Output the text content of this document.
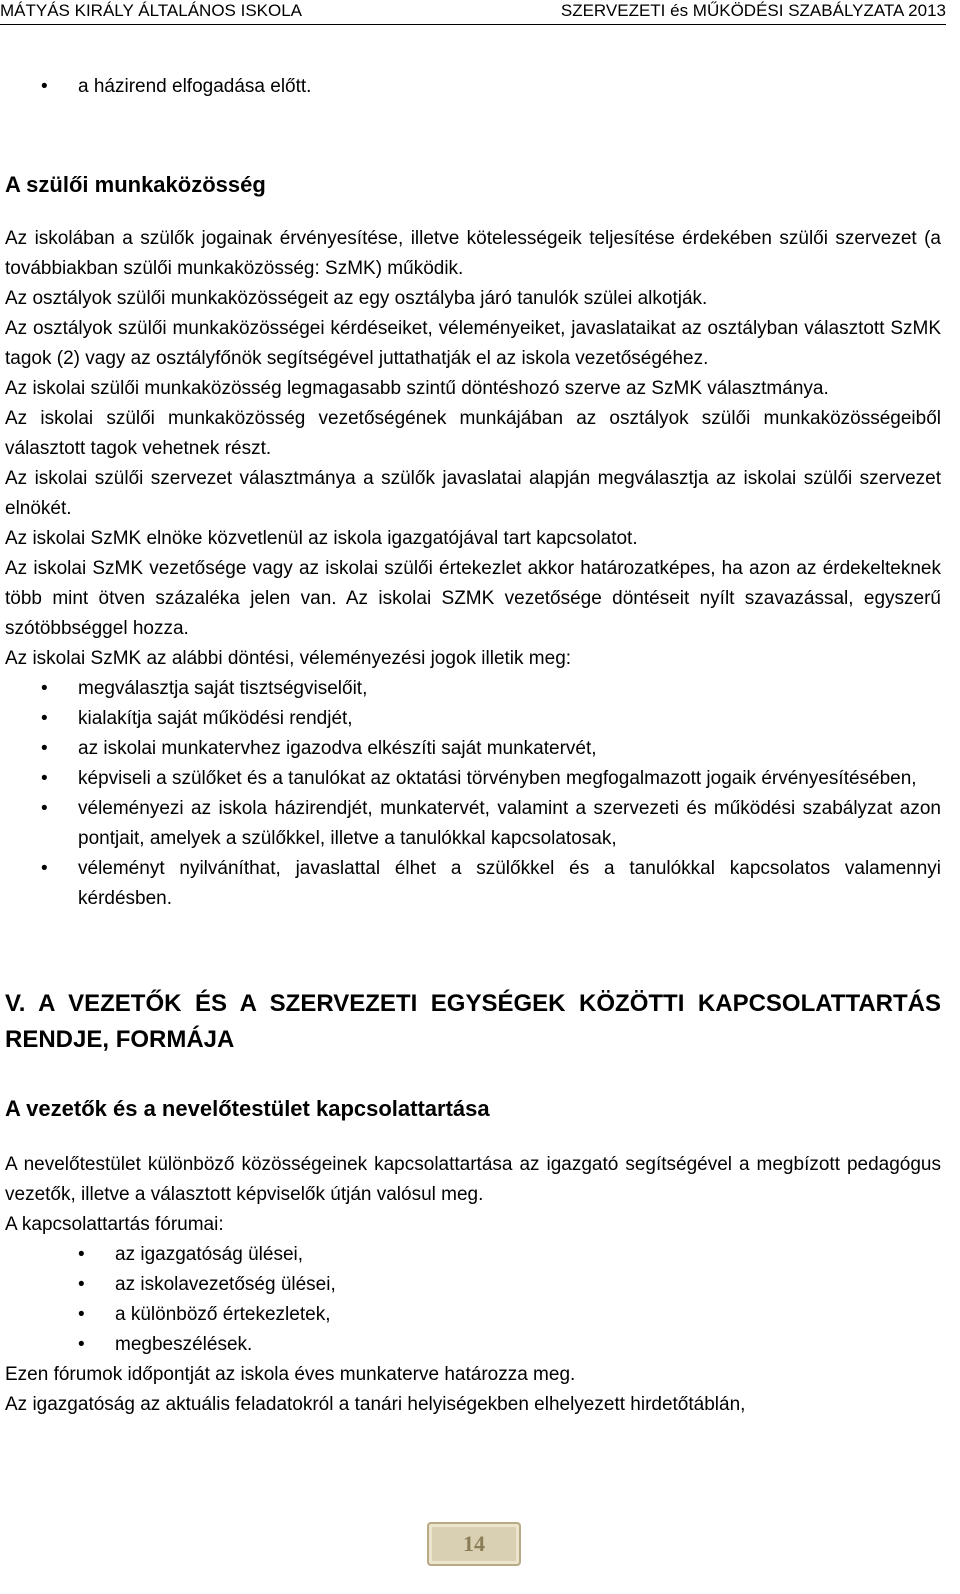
MÁTYÁS KIRÁLY ÁLTALÁNOS ISKOLA	SZERVEZETI és MŰKÖDÉSI SZABÁLYZATA 2013
• a házirend elfogadása előtt.
A szülői munkaközösség

Az iskolában a szülők jogainak érvényesítése, illetve kötelességeik teljesítése érdekében szülői szervezet (a továbbiakban szülői munkaközösség: SzMK) működik.

Az osztályok szülői munkaközösségeit az egy osztályba járó tanulók szülei alkotják.

Az osztályok szülői munkaközösségei kérdéseiket, véleményeiket, javaslataikat az osztályban választott SzMK tagok (2) vagy az osztályfőnök segítségével juttathatják el az iskola vezetőségéhez.

Az iskolai szülői munkaközösség legmagasabb szintű döntéshozó szerve az SzMK választmánya.

Az iskolai szülői munkaközösség vezetőségének munkájában az osztályok szülői munkaközösségeiből választott tagok vehetnek részt.

Az iskolai szülői szervezet választmánya a szülők javaslatai alapján megválasztja az iskolai szülői szervezet elnökét.

Az iskolai SzMK elnöke közvetlenül az iskola igazgatójával tart kapcsolatot.

Az iskolai SzMK vezetősége vagy az iskolai szülői értekezlet akkor határozatképes, ha azon az érdekelteknek több mint ötven százaléka jelen van. Az iskolai SZMK vezetősége döntéseit nyílt szavazással, egyszerű szótöbbséggel hozza.

Az iskolai SzMK az alábbi döntési, véleményezési jogok illetik meg:

• megválasztja saját tisztségviselőit,
• kialakítja saját működési rendjét,
• az iskolai munkatervhez igazodva elkészíti saját munkatervét,
• képviseli a szülőket és a tanulókat az oktatási törvényben megfogalmazott jogaik érvényesítésében,
• véleményezi az iskola házirendjét, munkatervét, valamint a szervezeti és működési szabályzat azon pontjait, amelyek a szülőkkel, illetve a tanulókkal kapcsolatosak,
• véleményt nyilváníthat, javaslattal élhet a szülőkkel és a tanulókkal kapcsolatos valamennyi kérdésben.
V. A VEZETŐK ÉS A SZERVEZETI EGYSÉGEK KÖZÖTTI KAPCSOLATTARTÁS RENDJE, FORMÁJA
A vezetők és a nevelőtestület kapcsolattartása

A nevelőtestület különböző közösségeinek kapcsolattartása az igazgató segítségével a megbízott pedagógus vezetők, illetve a választott képviselők útján valósul meg.

A kapcsolattartás fórumai:

• az igazgatóság ülései,
• az iskolavezetőség ülései,
• a különböző értekezletek,
• megbeszélések.

Ezen fórumok időpontját az iskola éves munkaterve határozza meg.

Az igazgatóság az aktuális feladatokról a tanári helyiségekben elhelyezett hirdetőtáblán,

14
